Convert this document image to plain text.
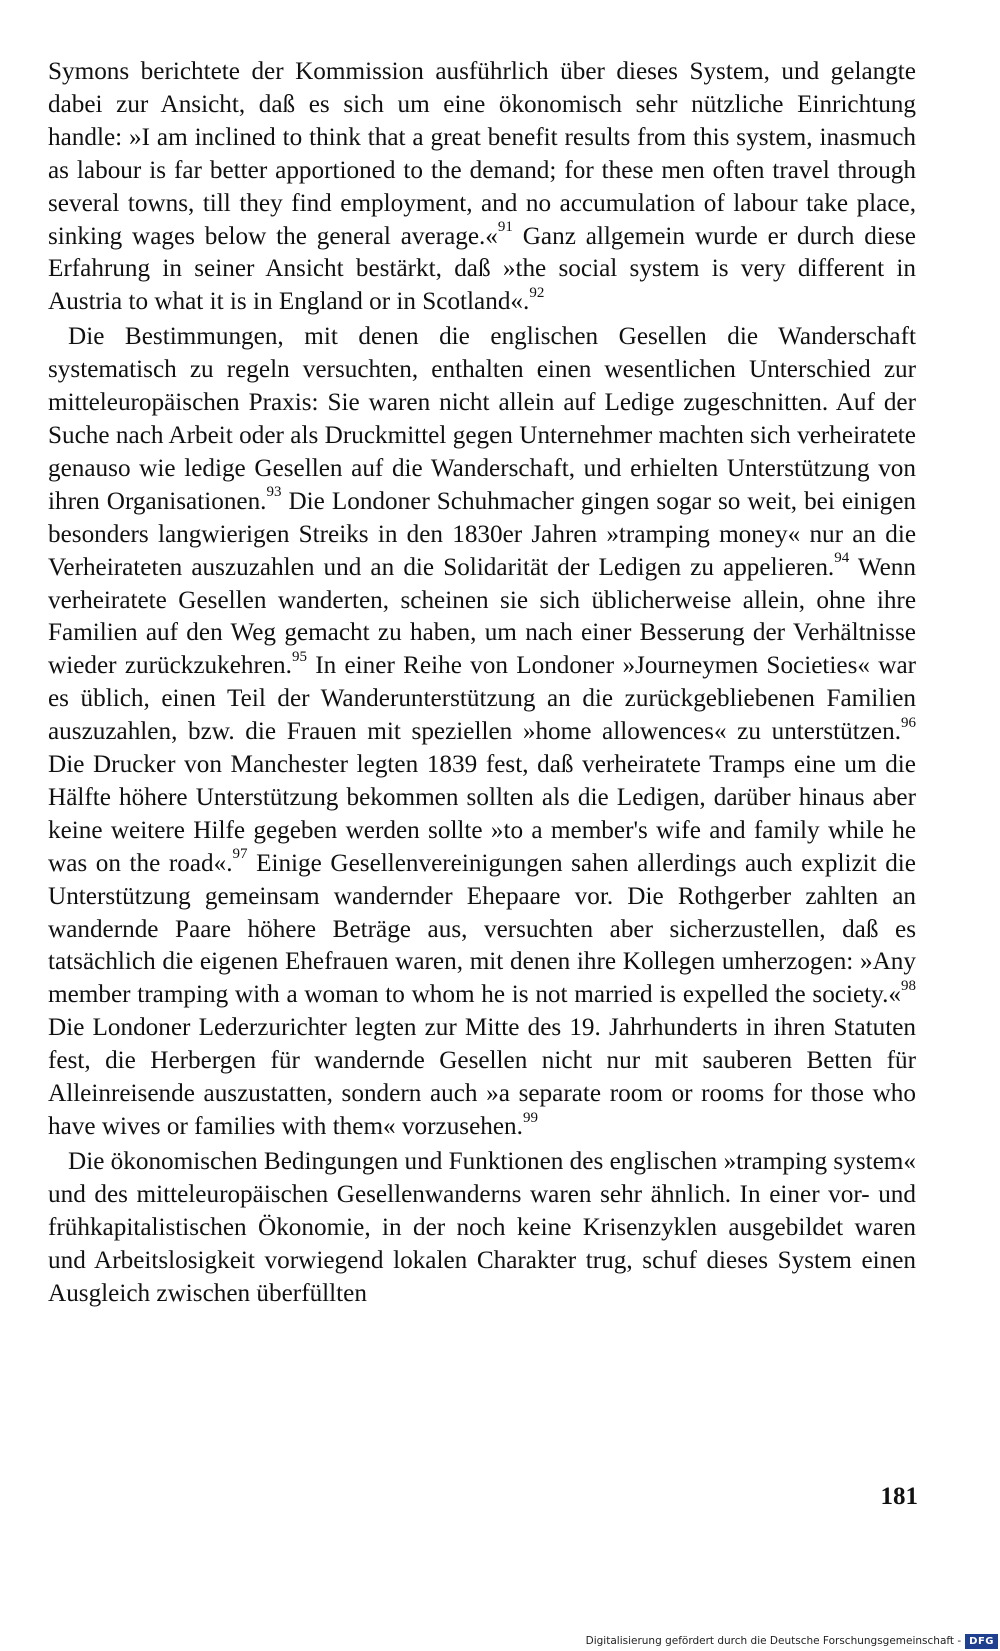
Symons berichtete der Kommission ausführlich über dieses System, und gelangte dabei zur Ansicht, daß es sich um eine ökonomisch sehr nützliche Einrichtung handle: »I am inclined to think that a great benefit results from this system, inasmuch as labour is far better apportioned to the demand; for these men often travel through several towns, till they find employment, and no accumulation of labour take place, sinking wages below the general average.«$^{91}$ Ganz allgemein wurde er durch diese Erfahrung in seiner Ansicht bestärkt, daß »the social system is very different in Austria to what it is in England or in Scotland«.$^{92}$

Die Bestimmungen, mit denen die englischen Gesellen die Wanderschaft systematisch zu regeln versuchten, enthalten einen wesentlichen Unterschied zur mitteleuropäischen Praxis: Sie waren nicht allein auf Ledige zugeschnitten. Auf der Suche nach Arbeit oder als Druckmittel gegen Unternehmer machten sich verheiratete genauso wie ledige Gesellen auf die Wanderschaft, und erhielten Unterstützung von ihren Organisationen.$^{93}$ Die Londoner Schuhmacher gingen sogar so weit, bei einigen besonders langwierigen Streiks in den 1830er Jahren »tramping money« nur an die Verheirateten auszuzahlen und an die Solidarität der Ledigen zu appelieren.$^{94}$ Wenn verheiratete Gesellen wanderten, scheinen sie sich üblicherweise allein, ohne ihre Familien auf den Weg gemacht zu haben, um nach einer Besserung der Verhältnisse wieder zurückzukehren.$^{95}$ In einer Reihe von Londoner »Journeymen Societies« war es üblich, einen Teil der Wanderunterstützung an die zurückgebliebenen Familien auszuzahlen, bzw. die Frauen mit speziellen »home allowences« zu unterstützen.$^{96}$ Die Drucker von Manchester legten 1839 fest, daß verheiratete Tramps eine um die Hälfte höhere Unterstützung bekommen sollten als die Ledigen, darüber hinaus aber keine weitere Hilfe gegeben werden sollte »to a member's wife and family while he was on the road«.$^{97}$ Einige Gesellenvereinigungen sahen allerdings auch explizit die Unterstützung gemeinsam wandernder Ehepaare vor. Die Rothgerber zahlten an wandernde Paare höhere Beträge aus, versuchten aber sicherzustellen, daß es tatsächlich die eigenen Ehefrauen waren, mit denen ihre Kollegen umherzogen: »Any member tramping with a woman to whom he is not married is expelled the society.«$^{98}$ Die Londoner Lederzurichter legten zur Mitte des 19. Jahrhunderts in ihren Statuten fest, die Herbergen für wandernde Gesellen nicht nur mit sauberen Betten für Alleinreisende auszustatten, sondern auch »a separate room or rooms for those who have wives or families with them« vorzusehen.$^{99}$

Die ökonomischen Bedingungen und Funktionen des englischen »tramping system« und des mitteleuropäischen Gesellenwanderns waren sehr ähnlich. In einer vor- und frühkapitalistischen Ökonomie, in der noch keine Krisenzyklen ausgebildet waren und Arbeitslosigkeit vorwiegend lokalen Charakter trug, schuf dieses System einen Ausgleich zwischen überfüllten

181
Digitalisierung gefördert durch die Deutsche Forschungsgemeinschaft - DFG
